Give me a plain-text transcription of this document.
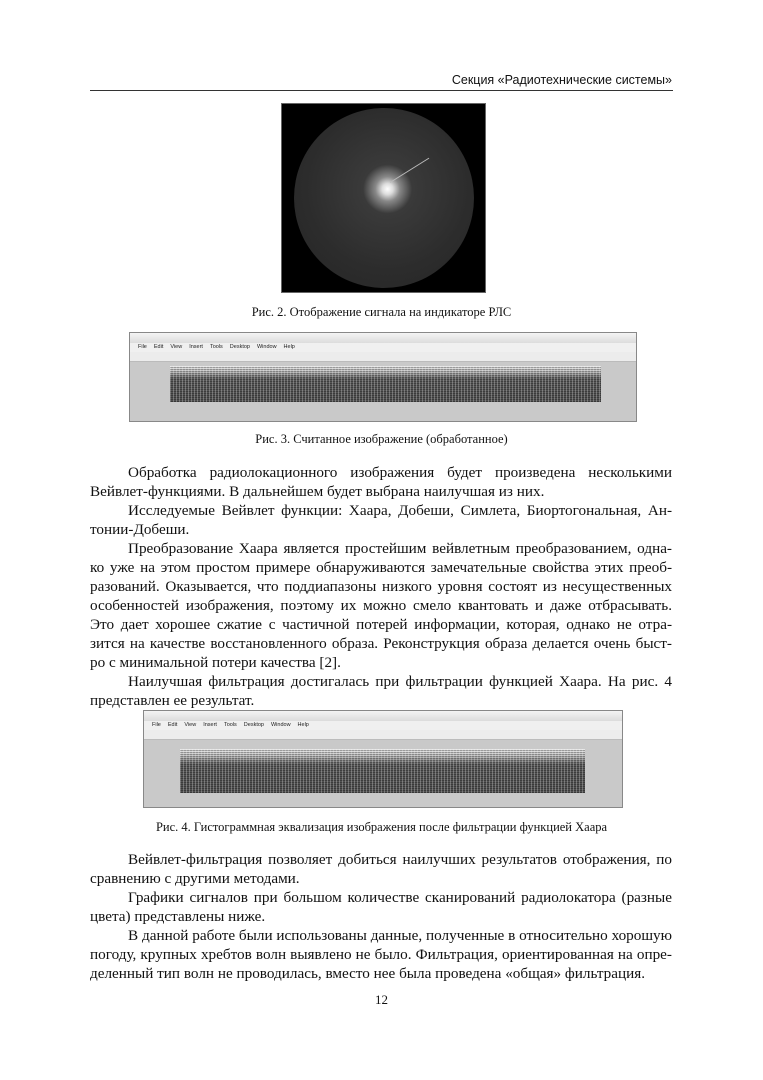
Секция «Радиотехнические системы»
Рис. 2. Отображение сигнала на индикаторе РЛС
File Edit View Insert Tools Desktop Window Help
Рис. 3. Считанное изображение (обработанное)
Обработка радиолокационного изображения будет произведена несколькими
Вейвлет-функциями. В дальнейшем будет выбрана наилучшая из них.
Исследуемые Вейвлет функции: Хаара, Добеши, Симлета, Биортогональная, Ан-
тонии-Добеши.
Преобразование Хаара является простейшим вейвлетным преобразованием, одна-
ко уже на этом простом примере обнаруживаются замечательные свойства этих преоб-
разований. Оказывается, что поддиапазоны низкого уровня состоят из несущественных
особенностей изображения, поэтому их можно смело квантовать и даже отбрасывать.
Это дает хорошее сжатие с частичной потерей информации, которая, однако не отра-
зится на качестве восстановленного образа. Реконструкция образа делается очень быст-
ро с минимальной потери качества [2].
Наилучшая фильтрация достигалась при фильтрации функцией Хаара. На рис. 4
представлен ее результат.
File Edit View Insert Tools Desktop Window Help
Рис. 4. Гистограммная эквализация изображения после фильтрации функцией Хаара
Вейвлет-фильтрация позволяет добиться наилучших результатов отображения, по
сравнению с другими методами.
Графики сигналов при большом количестве сканирований радиолокатора (разные
цвета) представлены ниже.
В данной работе были использованы данные, полученные в относительно хорошую
погоду, крупных хребтов волн выявлено не было. Фильтрация, ориентированная на опре-
деленный тип волн не проводилась, вместо нее была проведена «общая» фильтрация.
12
